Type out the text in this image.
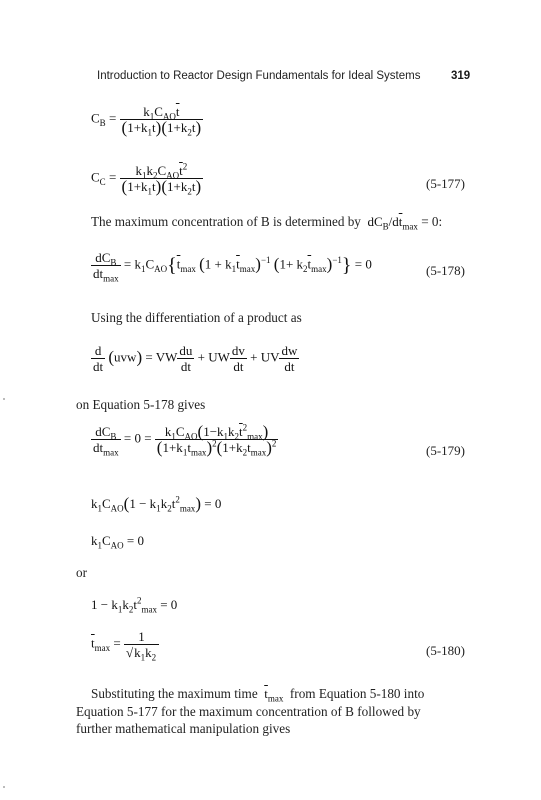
Introduction to Reactor Design Fundamentals for Ideal Systems	319
$C_B = \frac{k_1C_{AO}\overline{t}}{(1+k_1\overline{t})(1+k_2\overline{t})}$
$C_C = \frac{k_1k_2C_{AO}\overline{t}^2}{(1+k_1\overline{t})(1+k_2\overline{t})}$	(5-177)
The maximum concentration of B is determined by  $dC_B/d\overline{t}_{max} = 0$:
$\frac{dC_B}{d\overline{t}_{max}} = k_1C_{AO}\{\overline{t}_{max}$ $(1 + k_1\overline{t}_{max})^{-1}$ $(1+ k_2\overline{t}_{max})^{-1}\} = 0$	(5-178)
Using the differentiation of a product as
$\frac{d}{dt} (uvw)$ = VW $\frac{du}{dt}$ + UW $\frac{dv}{dt}$ + UV $\frac{dw}{dt}$
on Equation 5-178 gives
$\frac{dC_B}{d\overline{t}_{max}} = 0 = \frac{k_1C_{AO}(1-k_1k_2\overline{t}^2_{max})}{(1+k_1\overline{t}_{max})^2(1+k_2\overline{t}_{max})^2}$	(5-179)
$k_1C_{AO}(1 - k_1k_2t^2_{max}) = 0$
$k_1C_{AO} = 0$
or
$1 - k_1k_2t^2_{max} = 0$
$\overline{t}_{max} = \frac{1}{√k_1k_2}$	(5-180)
Substituting the maximum time $\overline{t}_{max}$ from Equation 5-180 into
Equation 5-177 for the maximum concentration of B followed by
further mathematical manipulation gives
